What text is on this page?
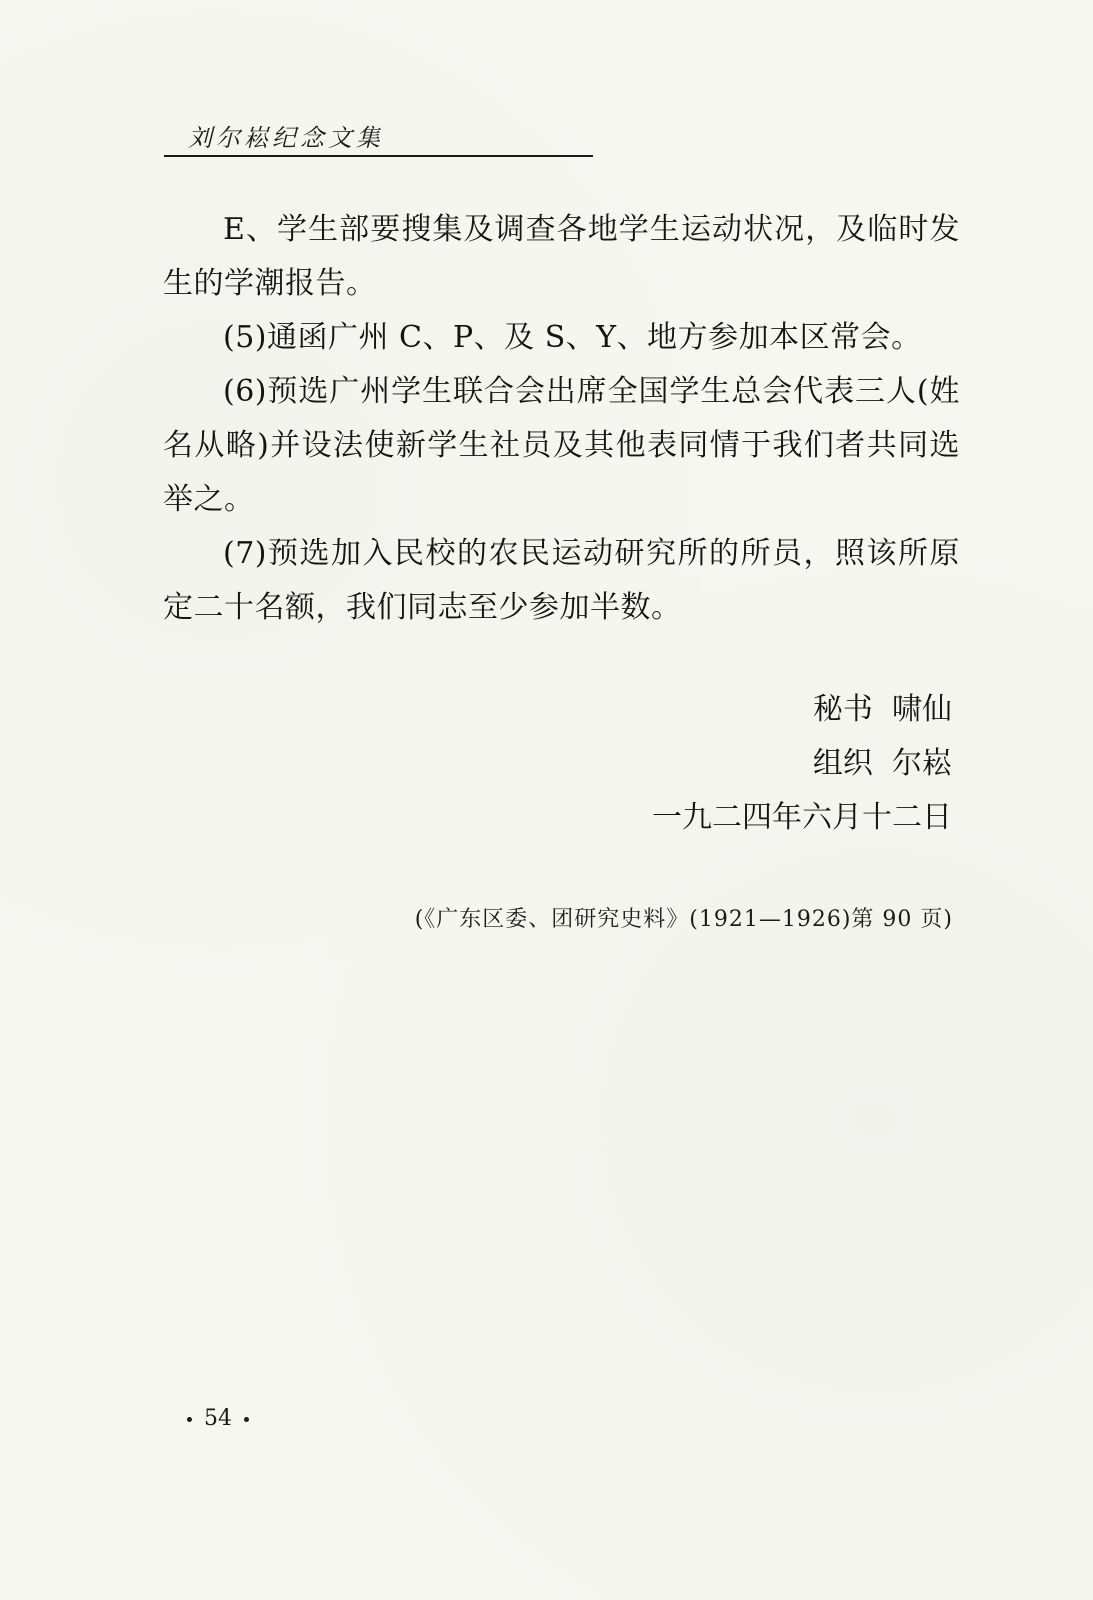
刘尔崧纪念文集

E、学生部要搜集及调查各地学生运动状况，及临时发生的学潮报告。

(5)通函广州 C、P、及 S、Y、地方参加本区常会。

(6)预选广州学生联合会出席全国学生总会代表三人(姓名从略)并设法使新学生社员及其他表同情于我们者共同选举之。

(7)预选加入民校的农民运动研究所的所员，照该所原定二十名额，我们同志至少参加半数。

秘书  啸仙
组织  尔崧
一九二四年六月十二日
(《广东区委、团研究史料》(1921—1926)第 90 页)
54
